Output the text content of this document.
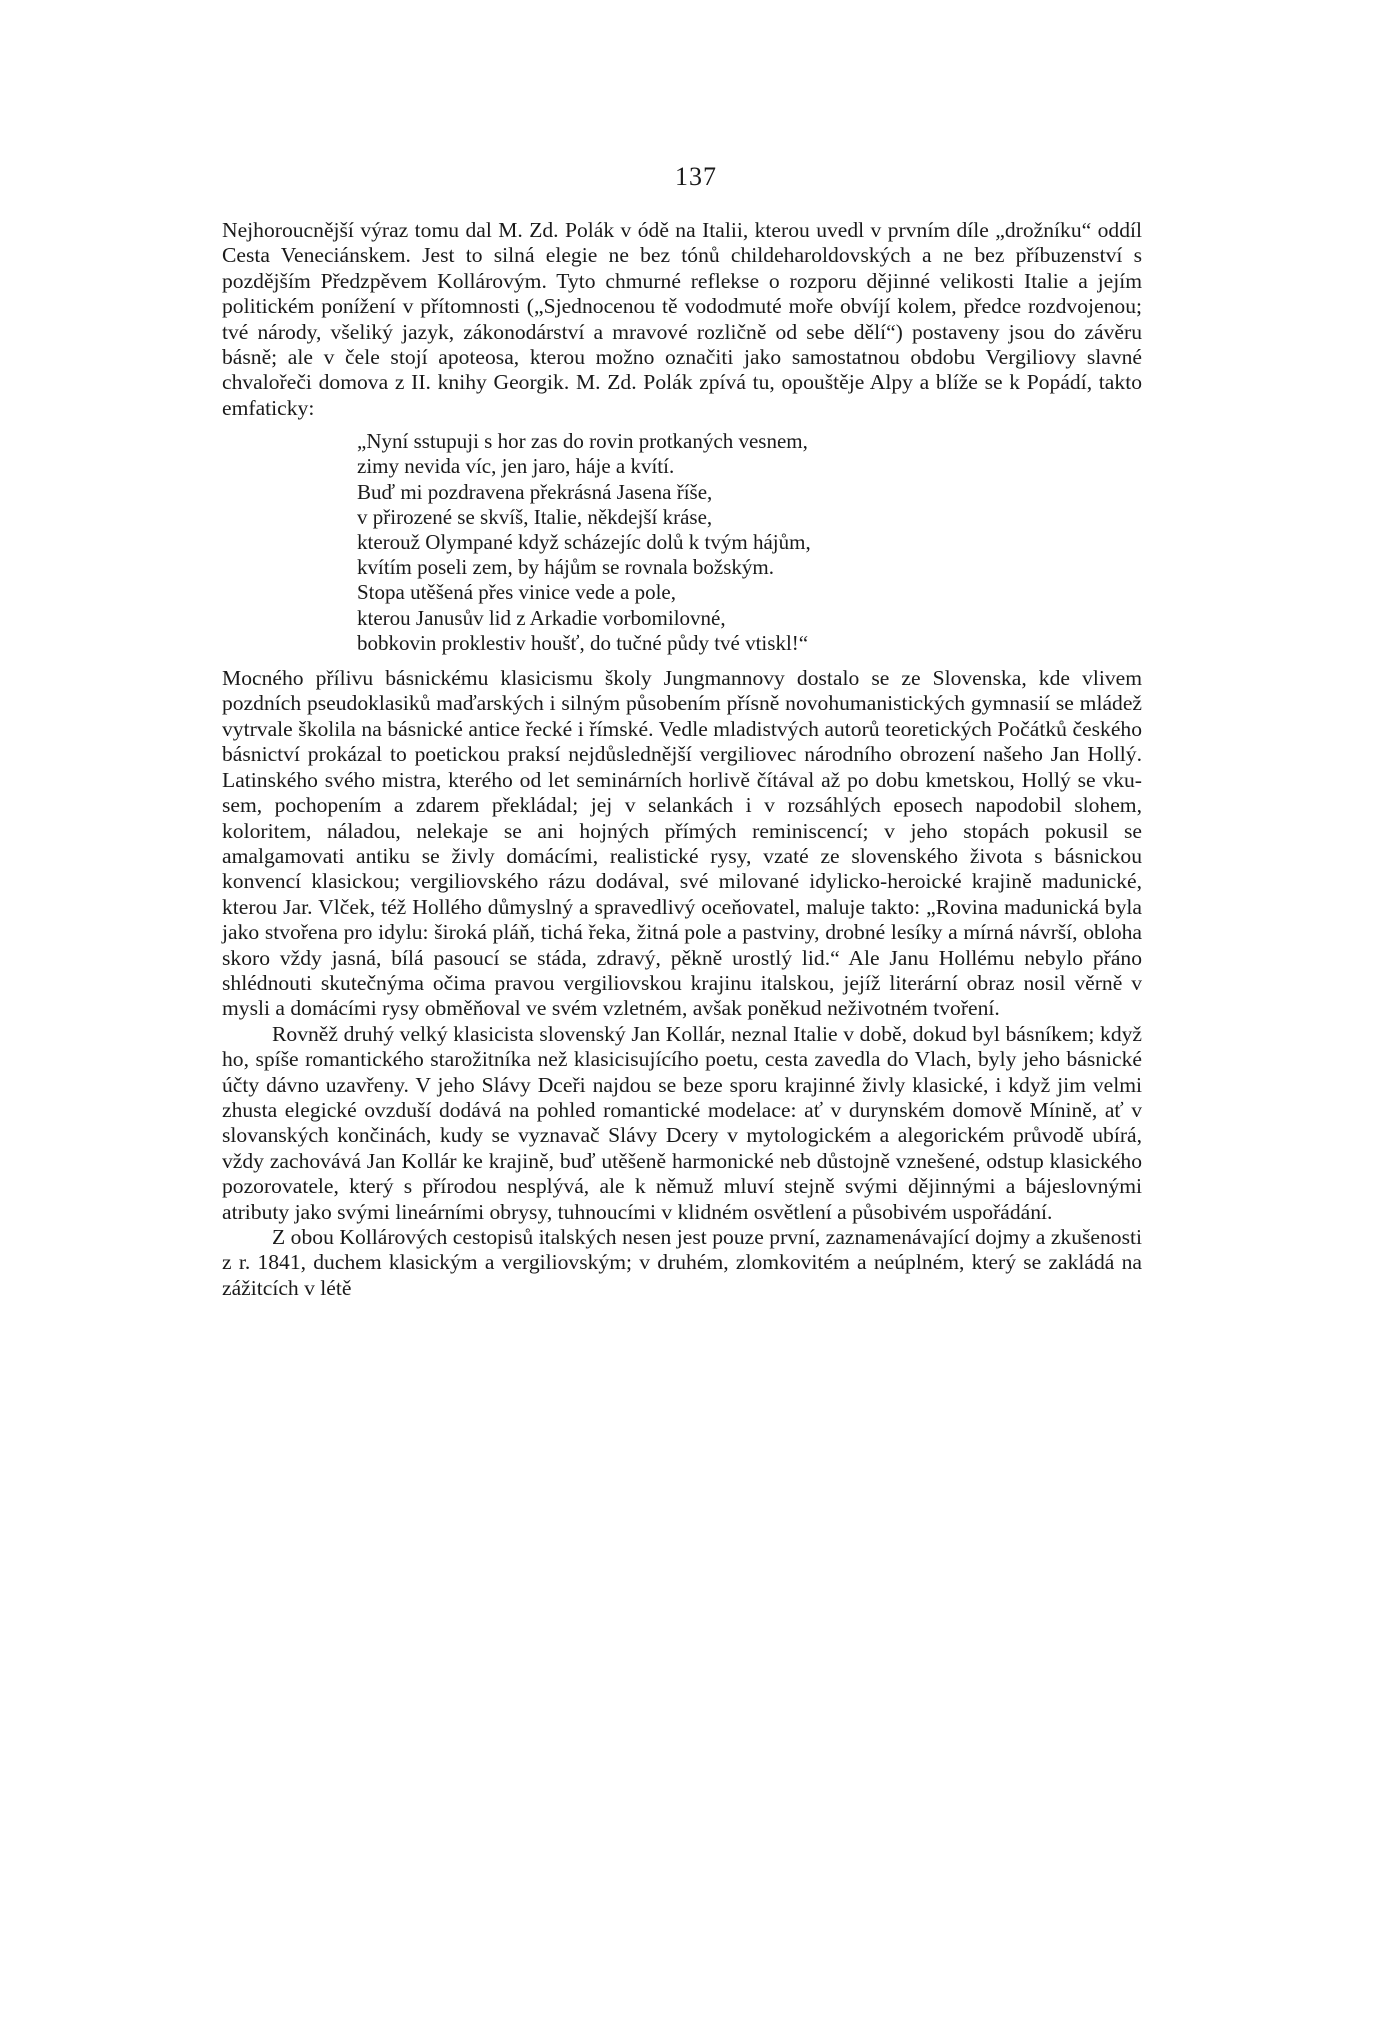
137

Nejhoroucnější výraz tomu dal M. Zd. Polák v ódě na Italii, kterou uvedl v prvním díle „drožníku“ oddíl Cesta Veneciánskem. Jest to silná elegie ne bez tónů childeharoldovských a ne bez příbuzenství s pozdějším Předzpěvem Kollárovým. Tyto chmurné reflekse o rozporu dějinné velikosti Italie a jejím politickém ponížení v přítomnosti („Sjednocenou tě vododmuté moře obvíjí kolem, předce rozdvojenou; tvé národy, všeliký jazyk, zákonodárství a mravové rozličně od sebe dělí“) postaveny jsou do závěru básně; ale v čele stojí apoteosa, kterou možno označiti jako samostatnou obdobu Vergiliovy slavné chvalořeči domova z II. knihy Georgik. M. Zd. Polák zpívá tu, opouštěje Alpy a blíže se k Popádí, takto emfaticky:

„Nyní sstupuji s hor zas do rovin protkaných vesnem,
zimy nevida víc, jen jaro, háje a kvítí.
Buď mi pozdravena překrásná Jasena říše,
v přirozené se skvíš, Italie, někdejší kráse,
kterouž Olympané když scházejíc dolů k tvým hájům,
kvítím poseli zem, by hájům se rovnala božským.
Stopa utěšená přes vinice vede a pole,
kterou Janusův lid z Arkadie vorbomilovné,
bobkovin proklestiv houšť, do tučné půdy tvé vtiskl!“

Mocného přílivu básnickému klasicismu školy Jungmannovy dostalo se ze Slovenska, kde vlivem pozdních pseudoklasiků maďarských i silným působením přísně novohumanistických gymnasií se mládež vytrvale školila na básnické antice řecké i římské. Vedle mladistvých autorů teoretických Počátků českého básnictví prokázal to poetickou praksí nejdůslednější vergiliovec národního obrození našeho Jan Hollý. Latinského svého mistra, kterého od let seminárních horlivě čítával až po dobu kmetskou, Hollý se vkusem, pochopením a zdarem překládal; jej v selankách i v rozsáhlých eposech napodobil slohem, koloritem, náladou, nelekaje se ani hojných přímých reminiscencí; v jeho stopách pokusil se amalgamovati antiku se živly domácími, realistické rysy, vzaté ze slovenského života s básnickou konvencí klasickou; vergiliovského rázu dodával, své milované idylicko-heroické krajině madunické, kterou Jar. Vlček, též Hollého důmyslný a spravedlivý oceňovatel, maluje takto: „Rovina madunická byla jako stvořena pro idylu: široká pláň, tichá řeka, žitná pole a pastviny, drobné lesíky a mírná návrší, obloha skoro vždy jasná, bílá pasoucí se stáda, zdravý, pěkně urostlý lid.“ Ale Janu Hollému nebylo přáno shlédnouti skutečnýma očima pravou vergiliovskou krajinu italskou, jejíž literární obraz nosil věrně v mysli a domácími rysy obměňoval ve svém vzletném, avšak poněkud neživotném tvoření.

Rovněž druhý velký klasicista slovenský Jan Kollár, neznal Italie v době, dokud byl básníkem; když ho, spíše romantického starožitníka než klasicisujícího poetu, cesta zavedla do Vlach, byly jeho básnické účty dávno uzavřeny. V jeho Slávy Dceři najdou se beze sporu krajinné živly klasické, i když jim velmi zhusta elegické ovzduší dodává na pohled romantické modelace: ať v durynském domově Mínině, ať v slovanských končinách, kudy se vyznavač Slávy Dcery v mytologickém a alegorickém průvodě ubírá, vždy zachovává Jan Kollár ke krajině, buď utěšeně harmonické neb důstojně vznešené, odstup klasického pozorovatele, který s přírodou nesplývá, ale k němuž mluví stejně svými dějinnými a bájeslovnými atributy jako svými lineárními obrysy, tuhnoucími v klidném osvětlení a působivém uspořádání.

Z obou Kollárových cestopisů italských nesen jest pouze první, zaznamenávající dojmy a zkušenosti z r. 1841, duchem klasickým a vergiliovským; v druhém, zlomkovitém a neúplném, který se zakládá na zážitcích v létě
